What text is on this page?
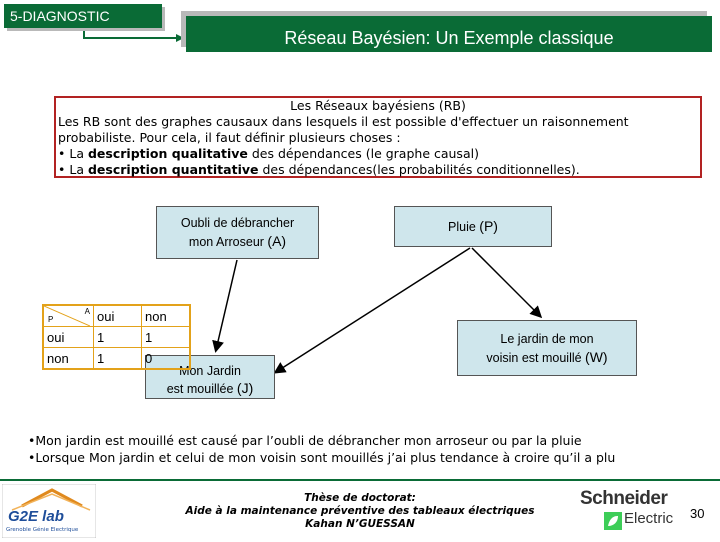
5-DIAGNOSTIC
Réseau Bayésien: Un Exemple classique
Les Réseaux bayésiens (RB)
Les RB sont des graphes causaux dans lesquels il est possible d'effectuer un raisonnement
probabiliste. Pour cela, il faut définir plusieurs choses :
• La description qualitative des dépendances (le graphe causal)
• La description quantitative des dépendances(les probabilités conditionnelles).
Oubli de débrancher
mon Arroseur (A)
Pluie (P)
Mon Jardin
est mouillée (J)
Le jardin de mon
voisin est mouillé (W)
P
A	oui	non
oui	1	1
non	1	0
•Mon jardin est mouillé est causé par l’oubli de débrancher mon arroseur ou par la pluie
•Lorsque Mon jardin et celui de mon voisin sont mouillés j’ai plus tendance à croire qu’il a plu
G2E lab
Grenoble Génie Electrique
Thèse de doctorat:
Aide à la maintenance préventive des tableaux électriques
Kahan N’GUESSAN
Schneider
Electric 30
